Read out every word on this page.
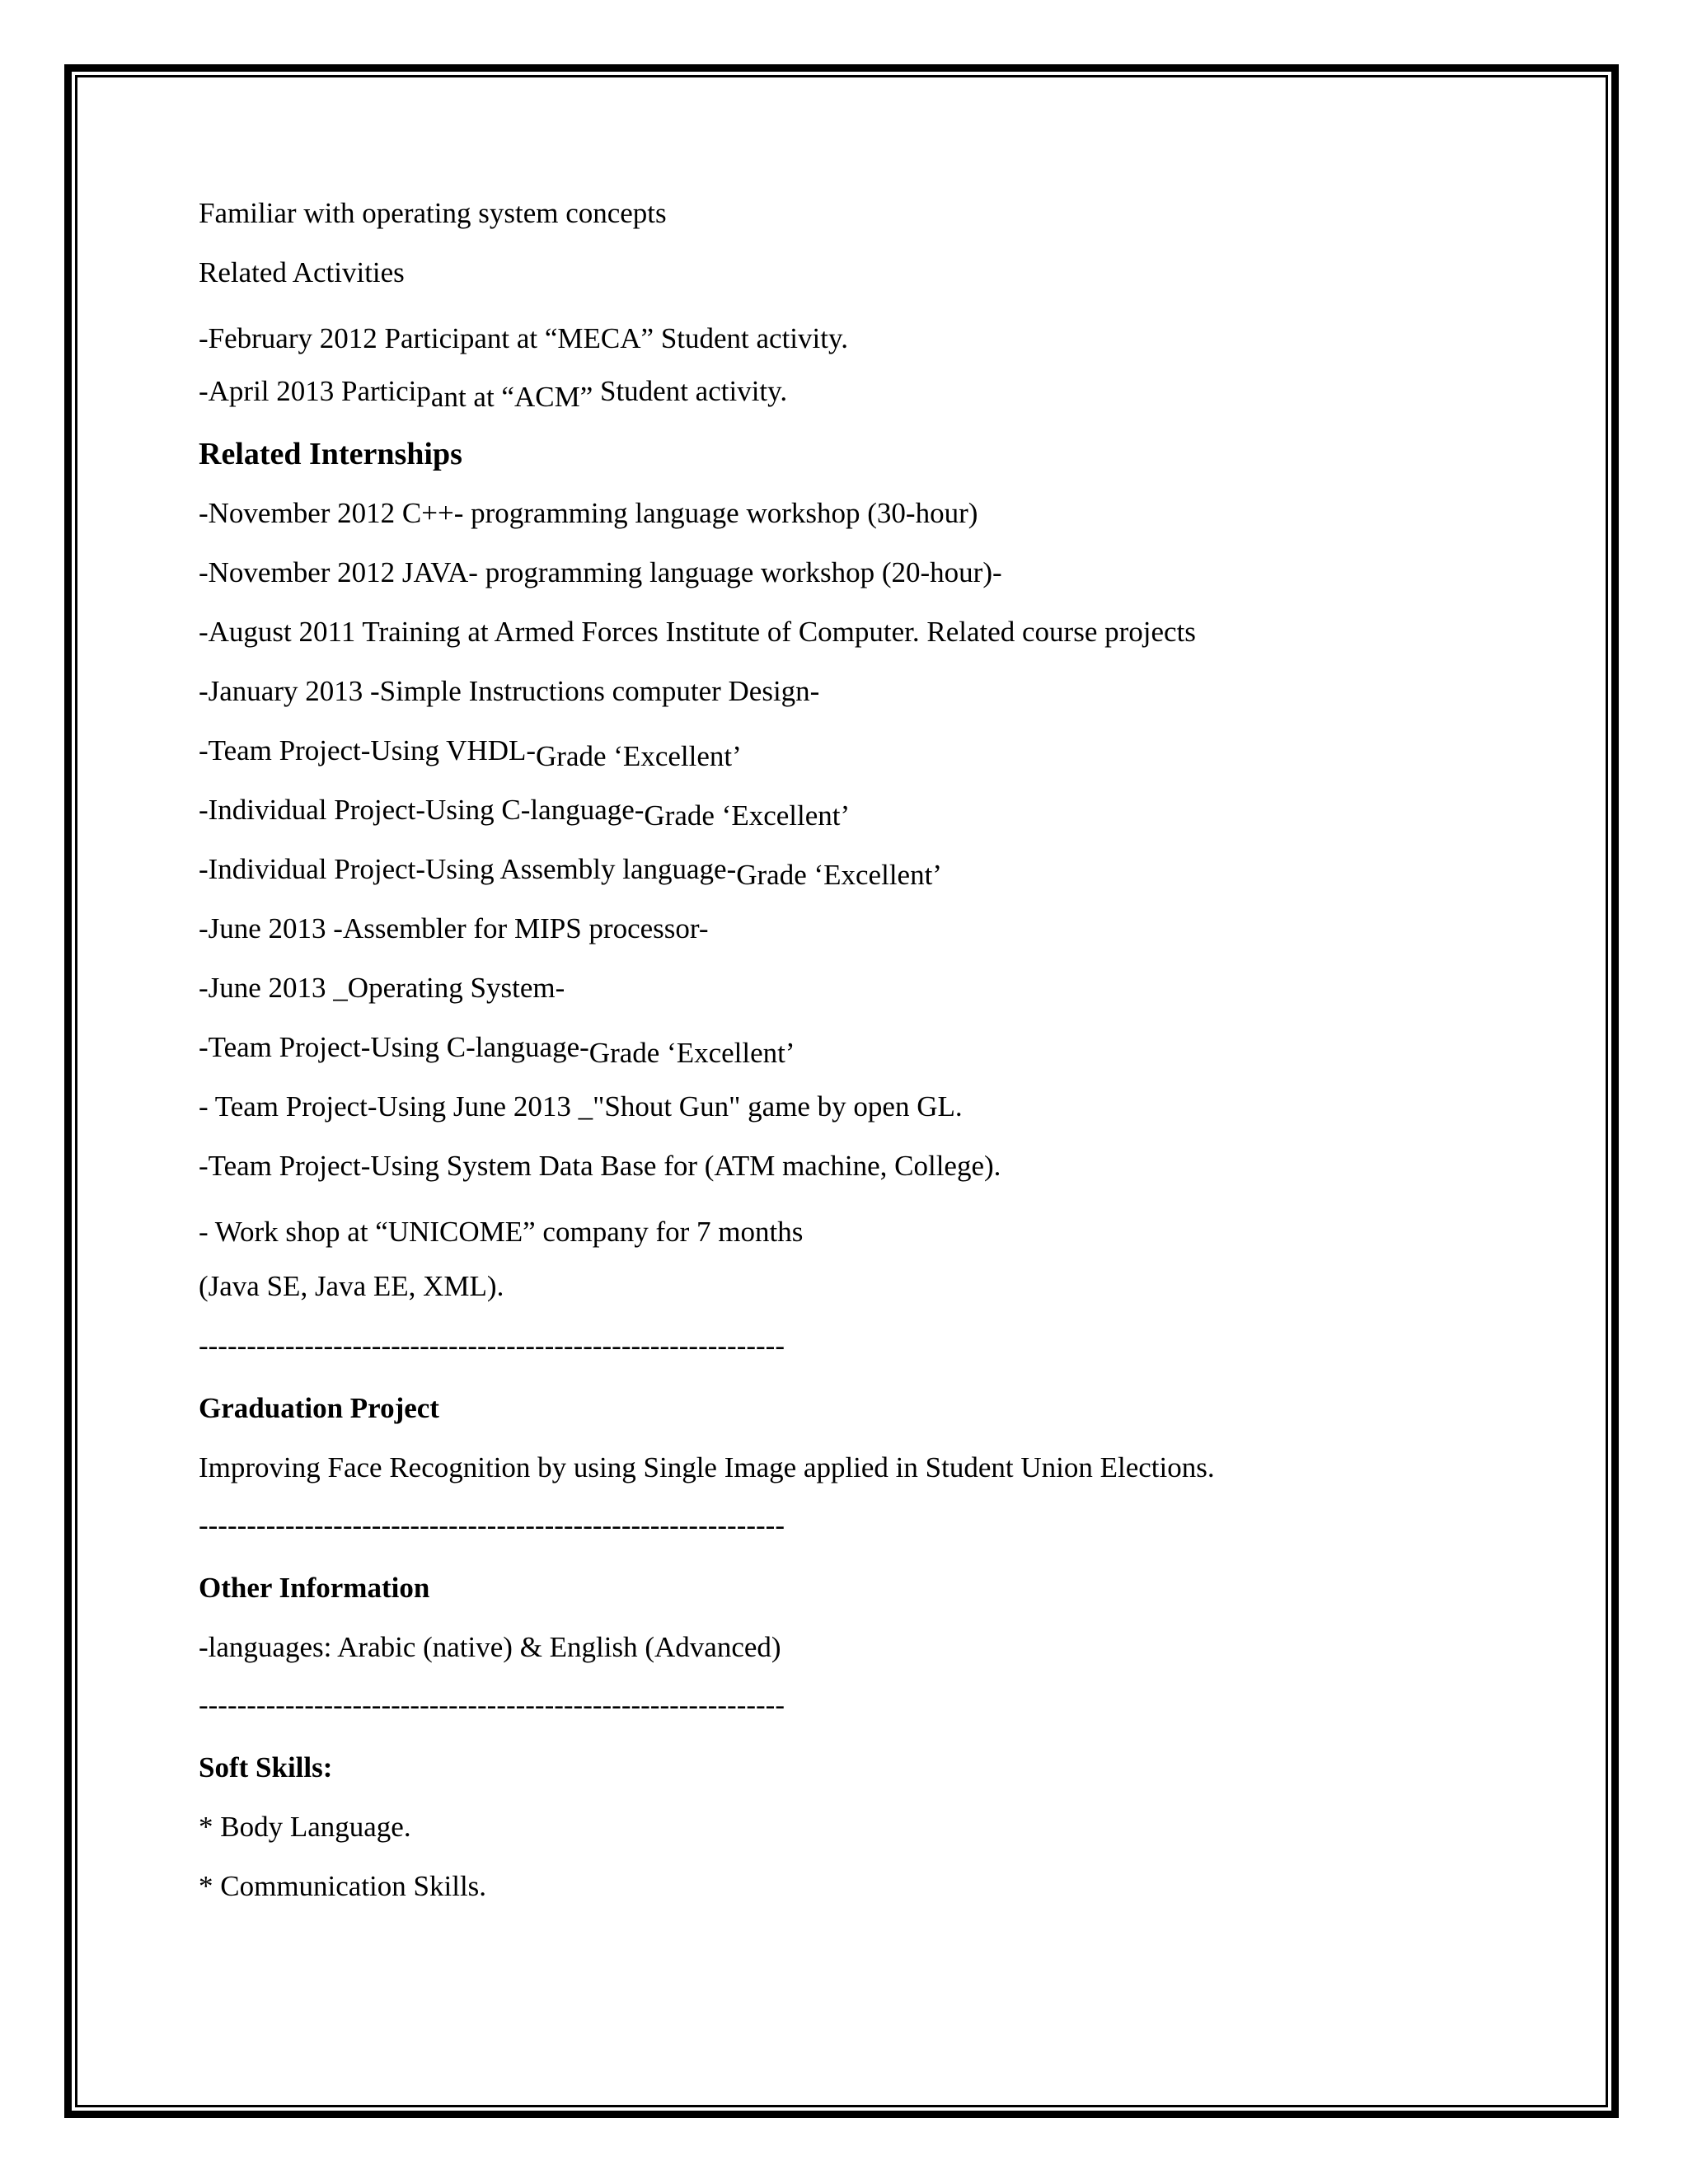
Familiar with operating system concepts
Related Activities
-February 2012 Participant at “MECA” Student activity.
-April 2013 Participant at “ACM” Student activity.
Related Internships
-November 2012 C++- programming language workshop (30-hour)
-November 2012 JAVA- programming language workshop (20-hour)-
-August 2011 Training at Armed Forces Institute of Computer. Related course projects
-January 2013 -Simple Instructions computer Design-
-Team Project-Using VHDL-Grade ‘Excellent’
-Individual Project-Using C-language-Grade ‘Excellent’
-Individual Project-Using Assembly language-Grade ‘Excellent’
-June 2013 -Assembler for MIPS processor-
-June 2013 _Operating System-
-Team Project-Using C-language-Grade ‘Excellent’
- Team Project-Using June 2013 _"Shout Gun" game by open GL.
-Team Project-Using System Data Base for (ATM machine, College).
- Work shop at “UNICOME” company for 7 months
(Java SE, Java EE, XML).
-------------------------------------------------------------
Graduation Project
Improving Face Recognition by using Single Image applied in Student Union Elections.
-------------------------------------------------------------
Other Information
-languages: Arabic (native) & English (Advanced)
-------------------------------------------------------------
Soft Skills:
* Body Language.
* Communication Skills.
